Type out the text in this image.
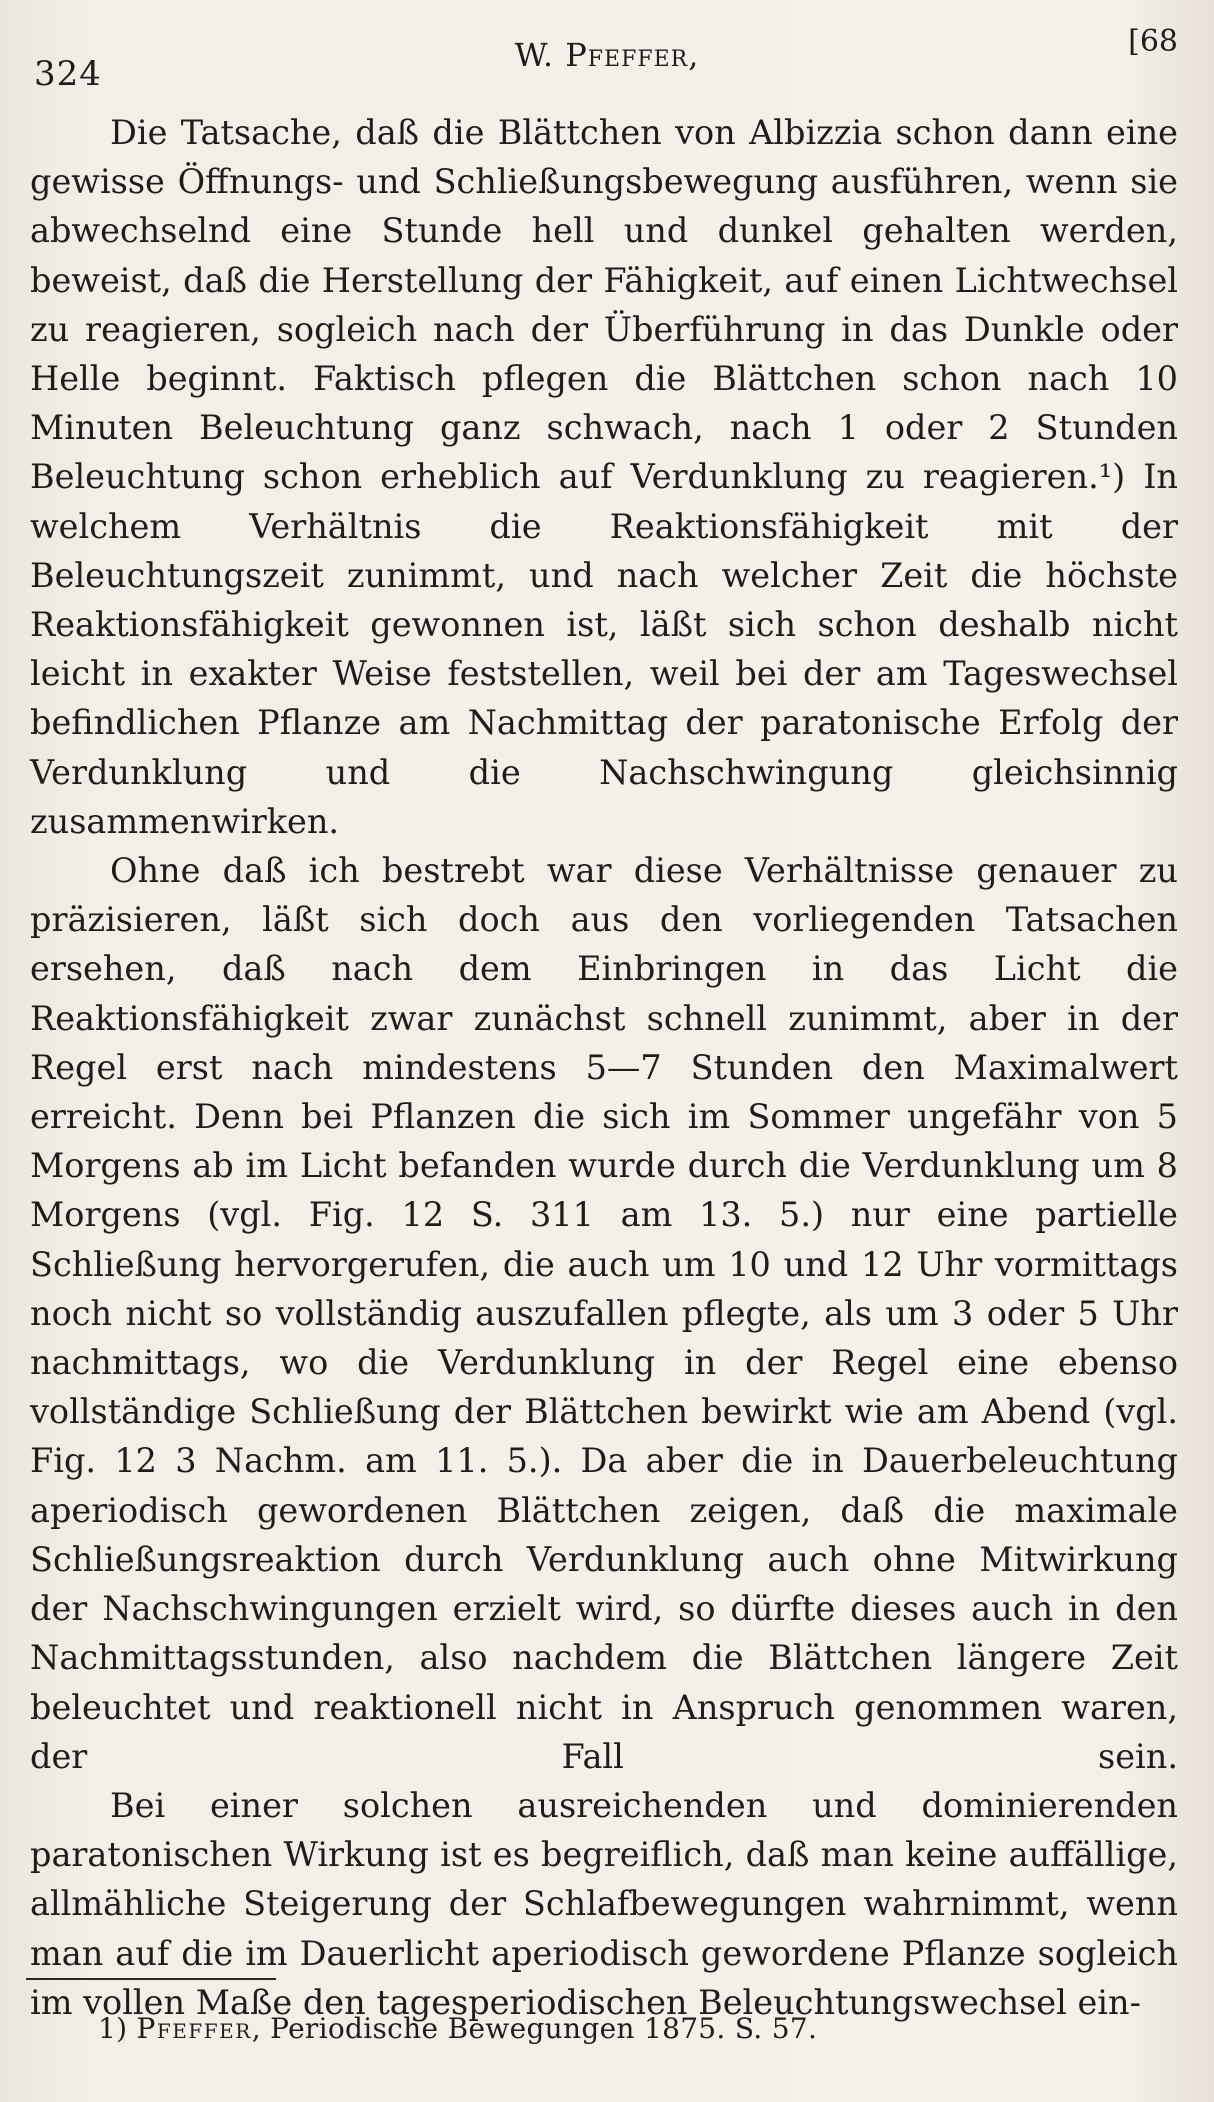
324	W. Pfeffer,	[68

Die Tatsache, daß die Blättchen von Albizzia schon dann eine gewisse Öffnungs- und Schließungsbewegung ausführen, wenn sie abwechselnd eine Stunde hell und dunkel gehalten werden, beweist, daß die Herstellung der Fähigkeit, auf einen Lichtwechsel zu reagieren, sogleich nach der Überführung in das Dunkle oder Helle beginnt. Faktisch pflegen die Blättchen schon nach 10 Minuten Beleuchtung ganz schwach, nach 1 oder 2 Stunden Beleuchtung schon erheblich auf Verdunklung zu reagieren.¹) In welchem Verhältnis die Reaktionsfähigkeit mit der Beleuchtungszeit zunimmt, und nach welcher Zeit die höchste Reaktionsfähigkeit gewonnen ist, läßt sich schon deshalb nicht leicht in exakter Weise feststellen, weil bei der am Tageswechsel befindlichen Pflanze am Nachmittag der paratonische Erfolg der Verdunklung und die Nachschwingung gleichsinnig zusammenwirken.

Ohne daß ich bestrebt war diese Verhältnisse genauer zu präzisieren, läßt sich doch aus den vorliegenden Tatsachen ersehen, daß nach dem Einbringen in das Licht die Reaktionsfähigkeit zwar zunächst schnell zunimmt, aber in der Regel erst nach mindestens 5—7 Stunden den Maximalwert erreicht. Denn bei Pflanzen die sich im Sommer ungefähr von 5 Morgens ab im Licht befanden wurde durch die Verdunklung um 8 Morgens (vgl. Fig. 12 S. 311 am 13. 5.) nur eine partielle Schließung hervorgerufen, die auch um 10 und 12 Uhr vormittags noch nicht so vollständig auszufallen pflegte, als um 3 oder 5 Uhr nachmittags, wo die Verdunklung in der Regel eine ebenso vollständige Schließung der Blättchen bewirkt wie am Abend (vgl. Fig. 12 3 Nachm. am 11. 5.). Da aber die in Dauerbeleuchtung aperiodisch gewordenen Blättchen zeigen, daß die maximale Schließungsreaktion durch Verdunklung auch ohne Mitwirkung der Nachschwingungen erzielt wird, so dürfte dieses auch in den Nachmittagsstunden, also nachdem die Blättchen längere Zeit beleuchtet und reaktionell nicht in Anspruch genommen waren, der Fall sein.

Bei einer solchen ausreichenden und dominierenden paratonischen Wirkung ist es begreiflich, daß man keine auffällige, allmähliche Steigerung der Schlafbewegungen wahrnimmt, wenn man auf die im Dauerlicht aperiodisch gewordene Pflanze sogleich im vollen Maße den tagesperiodischen Beleuchtungswechsel ein-

1) Pfeffer, Periodische Bewegungen 1875. S. 57.
